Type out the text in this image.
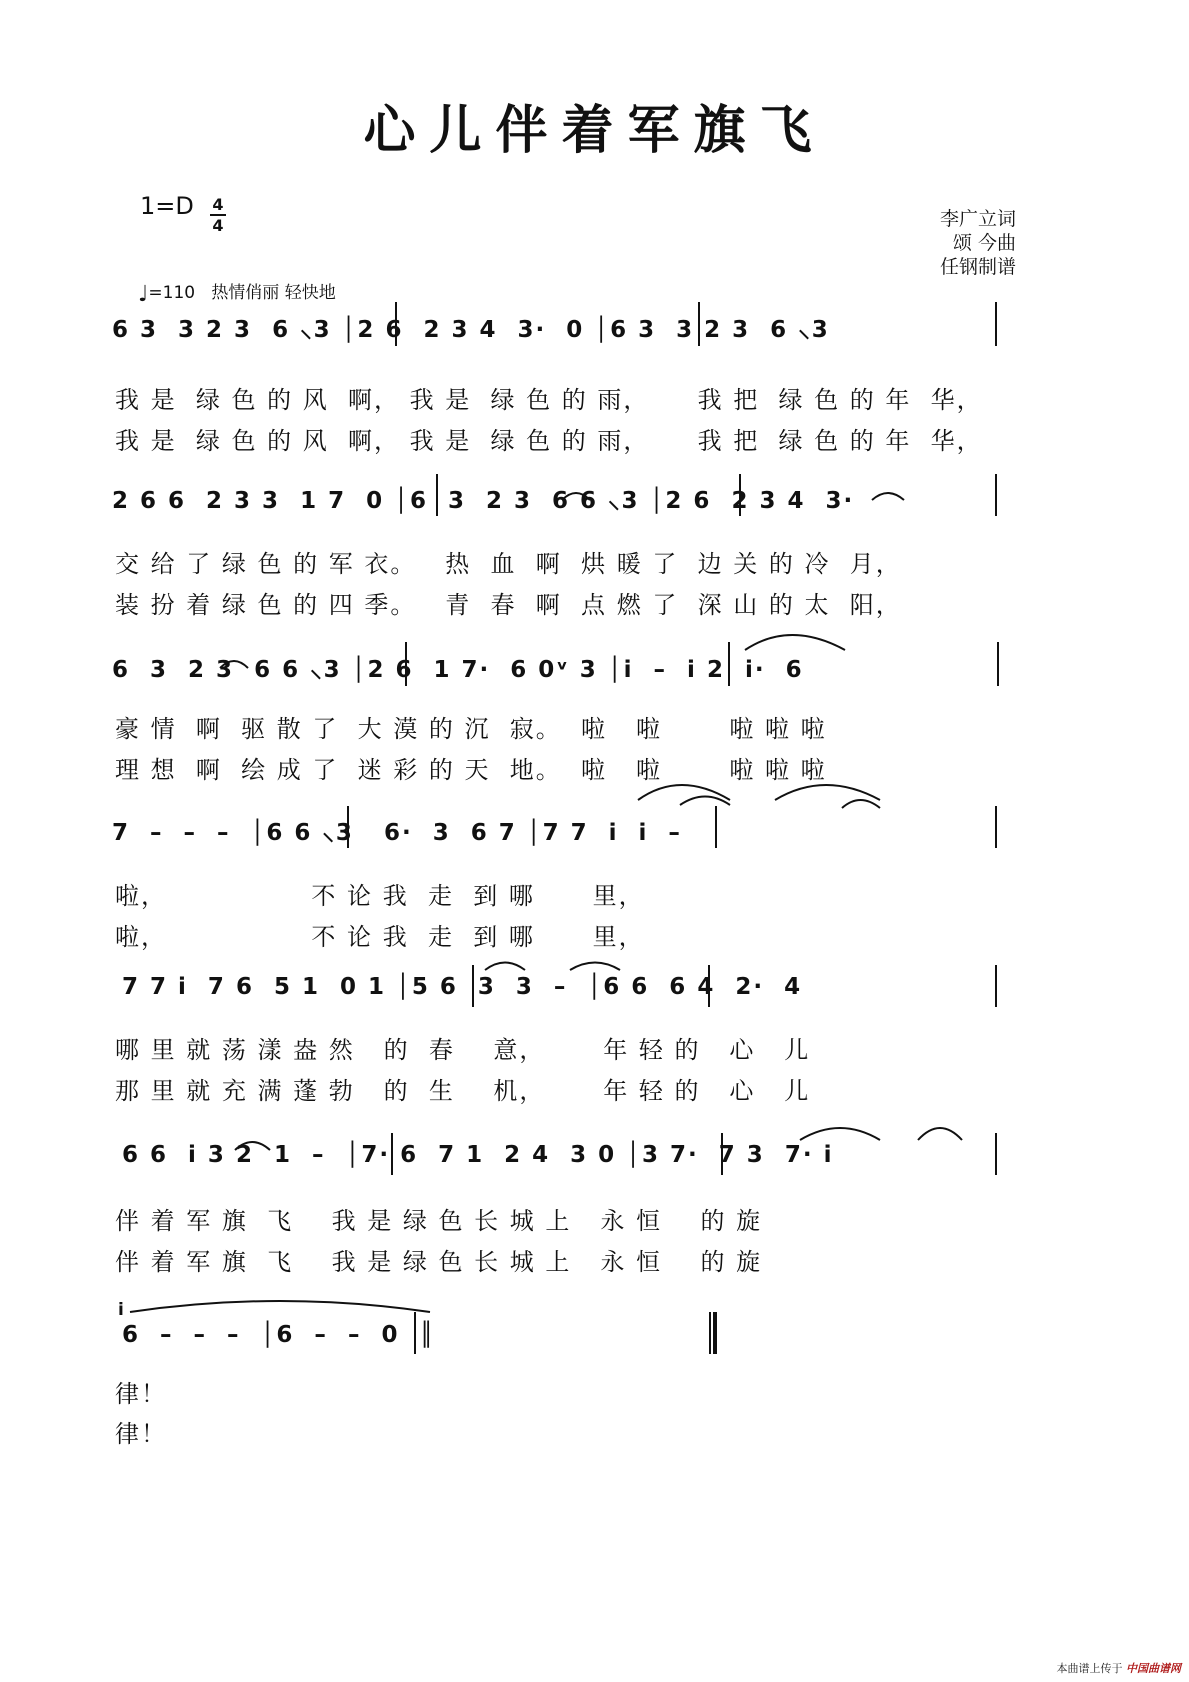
心儿伴着军旗飞
1=D 4
4
♩=110 热情俏丽 轻快地
李广立词
颂 今曲
任钢制谱
6 3  3 2 3  6 ⸜3 │2 6  2 3 4  3·  0 │6 3  3 2 3  6 ⸜3
我 是  绿 色 的 风  啊， 我 是  绿 色 的 雨，     我 把  绿 色 的 年  华，
我 是  绿 色 的 风  啊， 我 是  绿 色 的 雨，     我 把  绿 色 的 年  华，
2 6 6  2 3 3  1 7  0 │6  3  2 3  6 6 ⸜3 │2 6  2 3 4  3·
交 给 了 绿 色 的 军 衣。   热  血  啊  烘 暖 了  边 关 的 冷  月，
装 扮 着 绿 色 的 四 季。   青  春  啊  点 燃 了  深 山 的 太  阳，
6  3  2 3  6 6 ⸜3 │2 6  1 7·  6 0ᵛ 3 │i  –  i 2  i·  6
豪 情  啊  驱 散 了  大 漠 的 沉  寂。  啦   啦       啦 啦 啦
理 想  啊  绘 成 了  迷 彩 的 天  地。  啦   啦       啦 啦 啦
7  –  –  –  │6 6 ⸜3   6·  3  6 7 │7 7  i  i  –
啦，               不 论 我  走  到 哪      里，
啦，               不 论 我  走  到 哪      里，
7 7 i  7 6  5 1  0 1 │5 6  3  3  –  │6 6  6 4  2·  4
哪 里 就 荡 漾 盎 然   的  春    意，      年 轻 的   心   儿
那 里 就 充 满 蓬 勃   的  生    机，      年 轻 的   心   儿
6 6  i 3 2  1  –  │7· 6  7 1  2 4  3 0 │3 7·  7 3  7· i
伴 着 军 旗  飞    我 是 绿 色 长 城 上   永 恒    的 旋
伴 着 军 旗  飞    我 是 绿 色 长 城 上   永 恒    的 旋
i
6  –  –  –  │6  –  –  0  ║
律！
律！
本曲谱上传于 中国曲谱网
